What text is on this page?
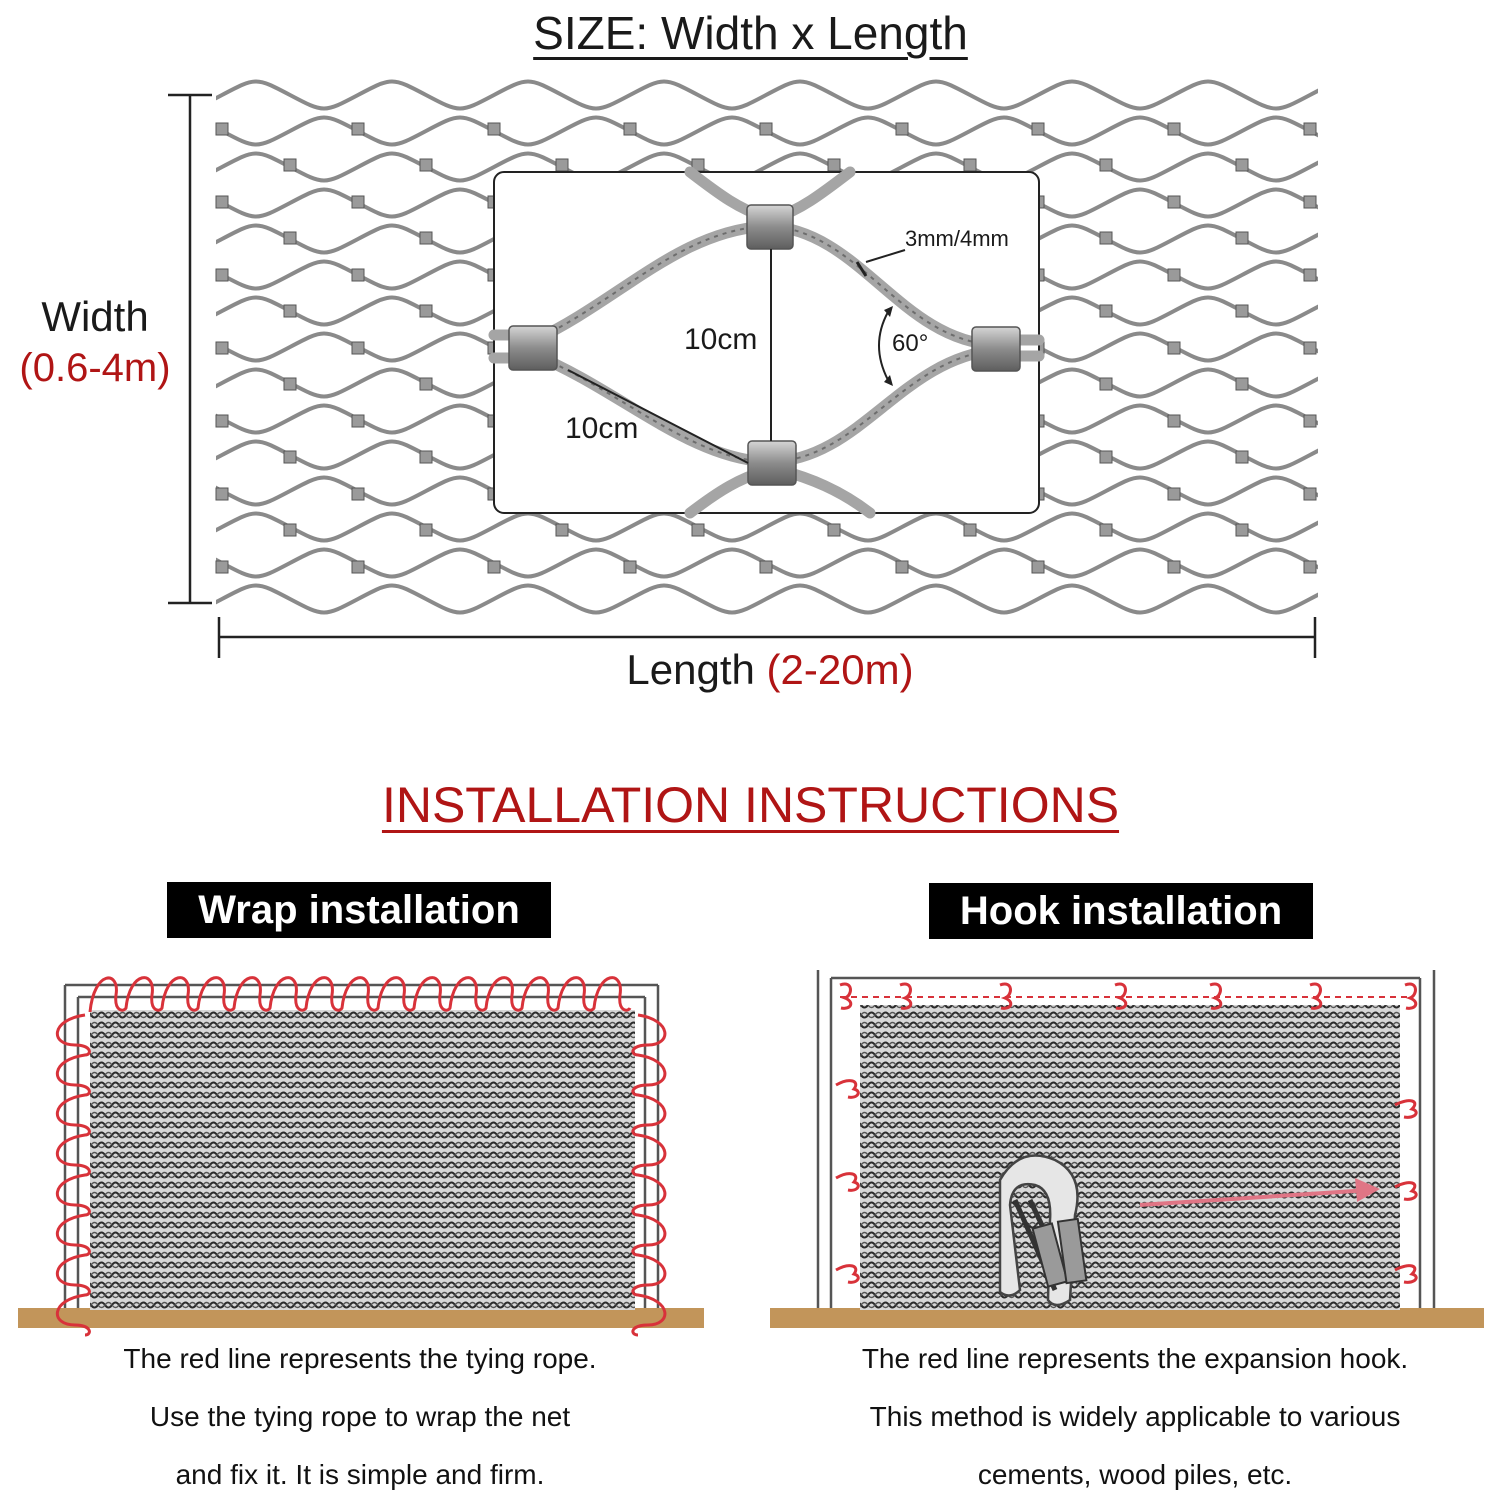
SIZE: Width x Length
3mm/4mm
10cm
10cm
60°
Width
(0.6-4m)
Length (2-20m)
INSTALLATION INSTRUCTIONS
Wrap installation	Hook installation
The red line represents the tying rope.
Use the tying rope to wrap the net
and fix it. It is simple and firm.
The red line represents the expansion hook.
This method is widely applicable to various
cements, wood piles, etc.
